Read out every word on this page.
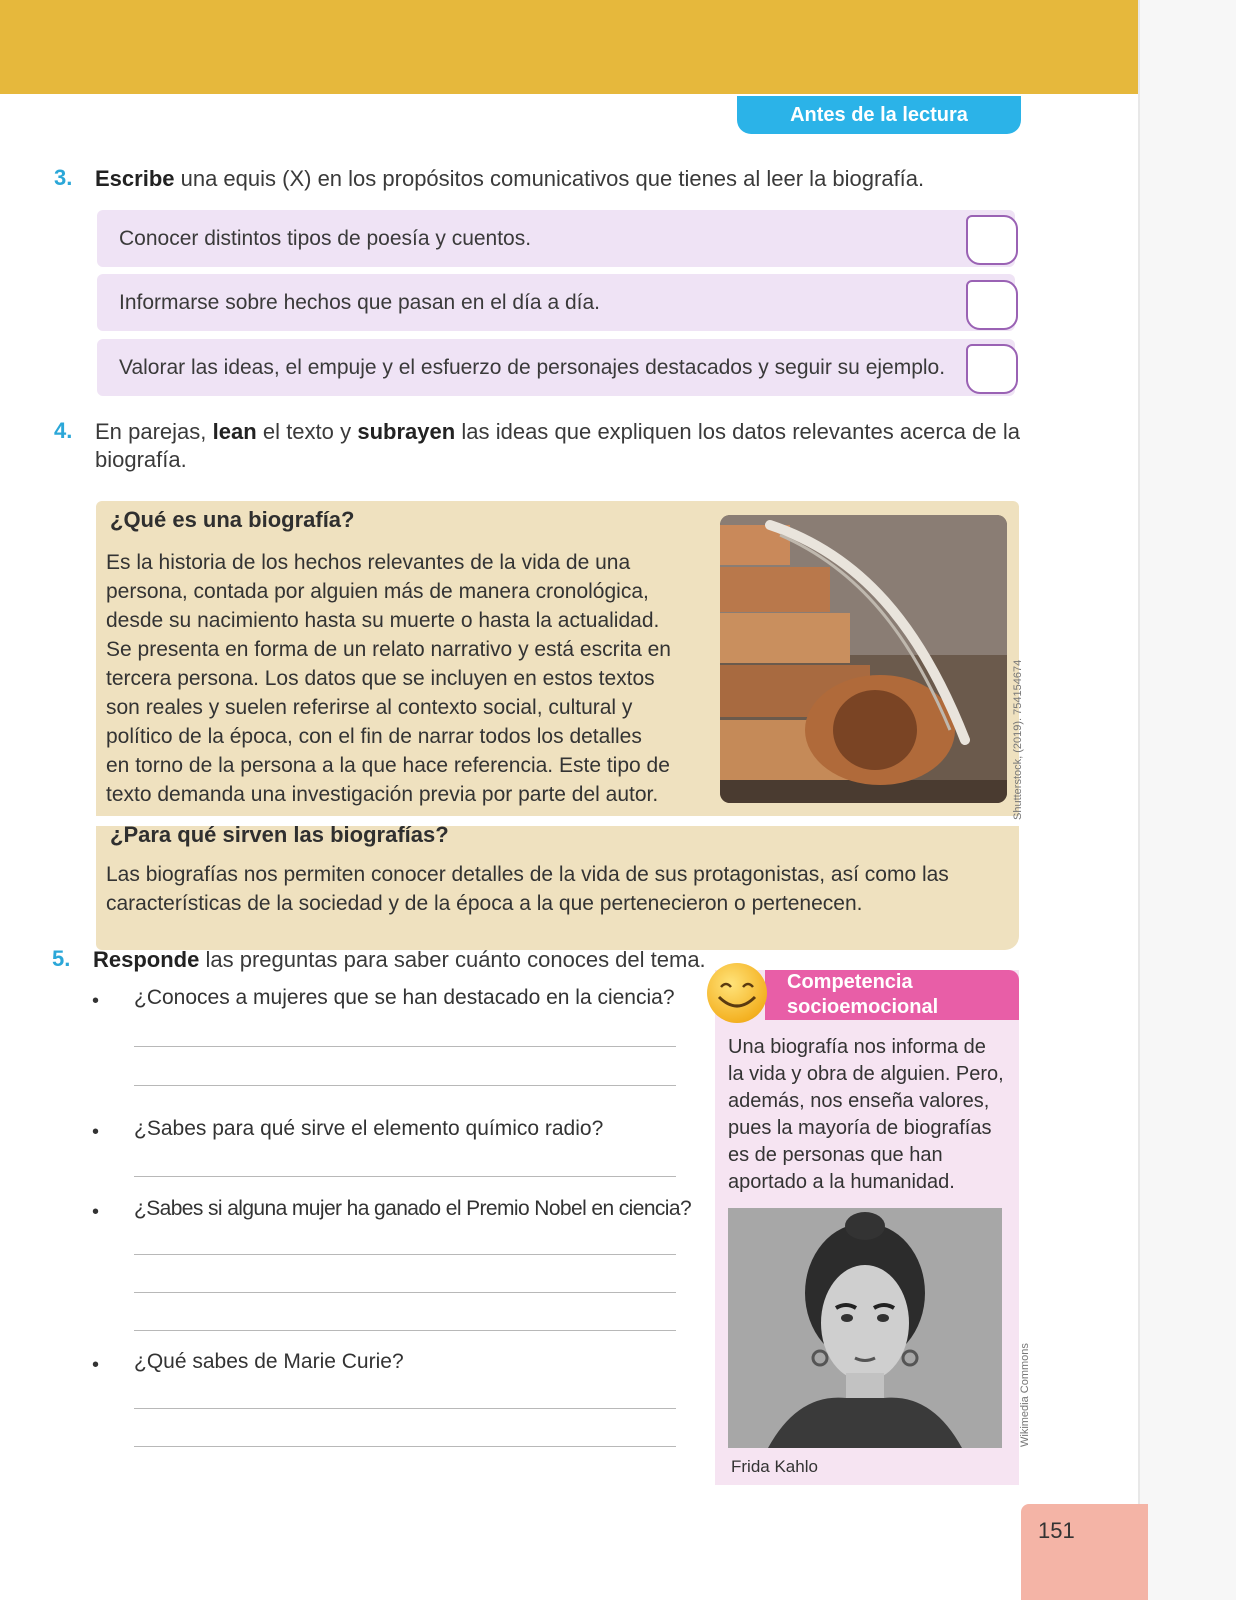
Antes de la lectura
3. Escribe una equis (X) en los propósitos comunicativos que tienes al leer la biografía.
Conocer distintos tipos de poesía y cuentos.
Informarse sobre hechos que pasan en el día a día.
Valorar las ideas, el empuje y el esfuerzo de personajes destacados y seguir su ejemplo.
4. En parejas, lean el texto y subrayen las ideas que expliquen los datos relevantes acerca de la
biografía.
¿Qué es una biografía?
Es la historia de los hechos relevantes de la vida de una
persona, contada por alguien más de manera cronológica,
desde su nacimiento hasta su muerte o hasta la actualidad.
Se presenta en forma de un relato narrativo y está escrita en
tercera persona. Los datos que se incluyen en estos textos
son reales y suelen referirse al contexto social, cultural y
político de la época, con el fin de narrar todos los detalles
en torno de la persona a la que hace referencia. Este tipo de
texto demanda una investigación previa por parte del autor.	Shutterstock, (2019). 754154674
¿Para qué sirven las biografías?
Las biografías nos permiten conocer detalles de la vida de sus protagonistas, así como las
características de la sociedad y de la época a la que pertenecieron o pertenecen.
5. Responde las preguntas para saber cuánto conoces del tema.
• ¿Conoces a mujeres que se han destacado en la ciencia?
• ¿Sabes para qué sirve el elemento químico radio?
• ¿Sabes si alguna mujer ha ganado el Premio Nobel en ciencia?
• ¿Qué sabes de Marie Curie?
Competencia
socioemocional
Una biografía nos informa de
la vida y obra de alguien. Pero,
además, nos enseña valores,
pues la mayoría de biografías
es de personas que han
aportado a la humanidad.
Frida Kahlo
Wikimedia Commons
151
